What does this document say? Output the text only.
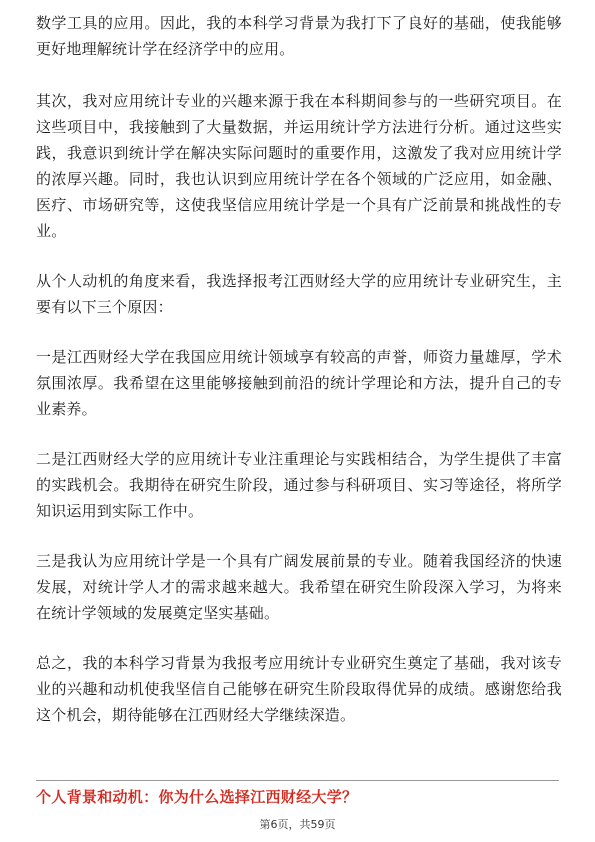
数学工具的应用。因此，我的本科学习背景为我打下了良好的基础，使我能够更好地理解统计学在经济学中的应用。

其次，我对应用统计专业的兴趣来源于我在本科期间参与的一些研究项目。在这些项目中，我接触到了大量数据，并运用统计学方法进行分析。通过这些实践，我意识到统计学在解决实际问题时的重要作用，这激发了我对应用统计学的浓厚兴趣。同时，我也认识到应用统计学在各个领域的广泛应用，如金融、医疗、市场研究等，这使我坚信应用统计学是一个具有广泛前景和挑战性的专业。

从个人动机的角度来看，我选择报考江西财经大学的应用统计专业研究生，主要有以下三个原因：

一是江西财经大学在我国应用统计领域享有较高的声誉，师资力量雄厚，学术氛围浓厚。我希望在这里能够接触到前沿的统计学理论和方法，提升自己的专业素养。

二是江西财经大学的应用统计专业注重理论与实践相结合，为学生提供了丰富的实践机会。我期待在研究生阶段，通过参与科研项目、实习等途径，将所学知识运用到实际工作中。

三是我认为应用统计学是一个具有广阔发展前景的专业。随着我国经济的快速发展，对统计学人才的需求越来越大。我希望在研究生阶段深入学习，为将来在统计学领域的发展奠定坚实基础。

总之，我的本科学习背景为我报考应用统计专业研究生奠定了基础，我对该专业的兴趣和动机使我坚信自己能够在研究生阶段取得优异的成绩。感谢您给我这个机会，期待能够在江西财经大学继续深造。

个人背景和动机：你为什么选择江西财经大学？
第6页，共59页
